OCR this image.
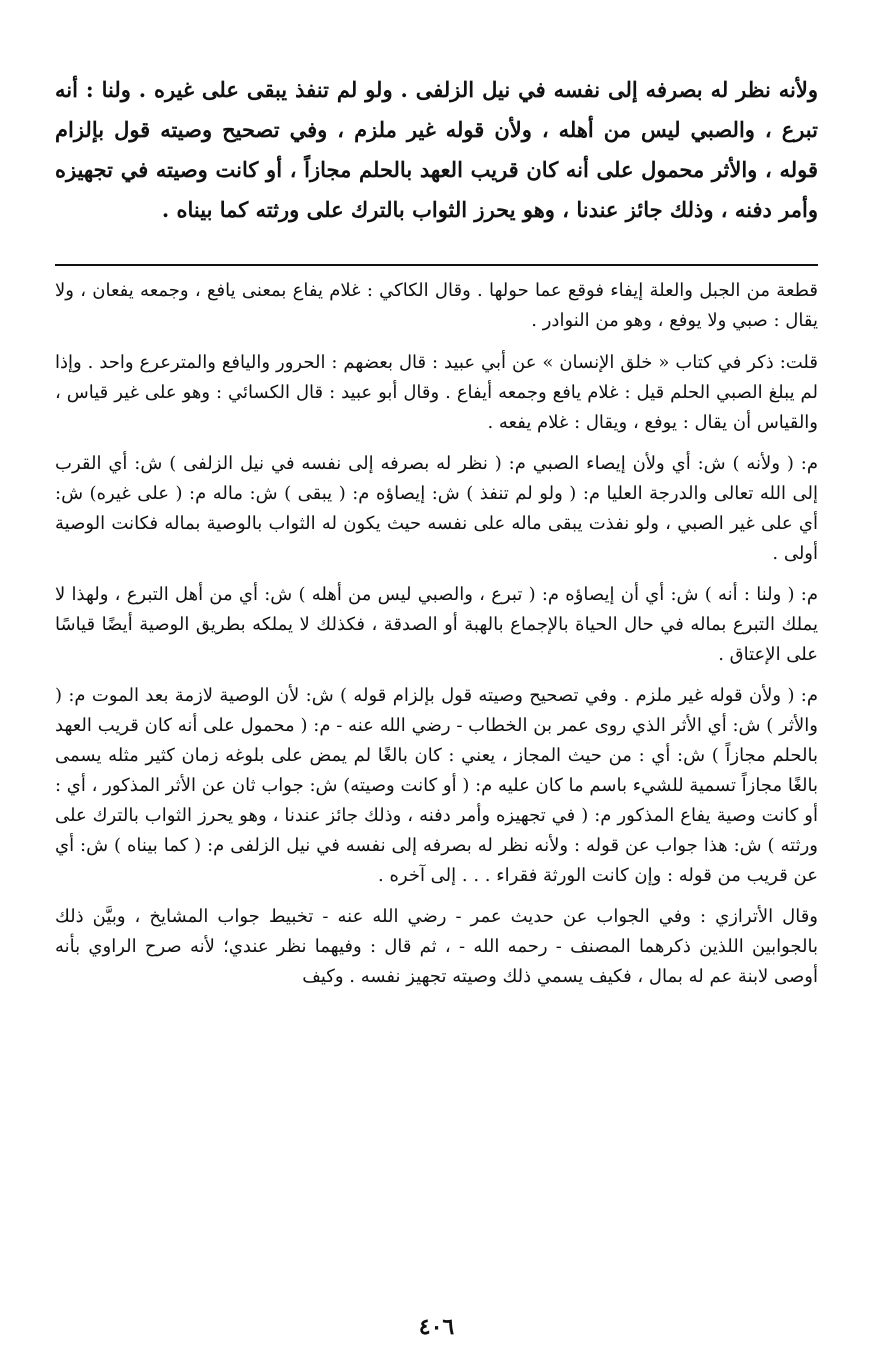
ولأنه نظر له بصرفه إلى نفسه في نيل الزلفى . ولو لم تنفذ يبقى على غيره . ولنا : أنه تبرع ، والصبي ليس من أهله ، ولأن قوله غير ملزم ، وفي تصحيح وصيته قول بإلزام قوله ، والأثر محمول على أنه كان قريب العهد بالحلم مجازاً ، أو كانت وصيته في تجهيزه وأمر دفنه ، وذلك جائز عندنا ، وهو يحرز الثواب بالترك على ورثته كما بيناه .

قطعة من الجبل والعلة إيفاء فوقع عما حولها . وقال الكاكي : غلام يفاع بمعنى يافع ، وجمعه يفعان ، ولا يقال : صبي ولا يوفع ، وهو من النوادر .

قلت: ذكر في كتاب « خلق الإنسان » عن أبي عبيد : قال بعضهم : الحرور واليافع والمترعرع واحد . وإذا لم يبلغ الصبي الحلم قيل : غلام يافع وجمعه أيفاع . وقال أبو عبيد : قال الكسائي : وهو على غير قياس ، والقياس أن يقال : يوفع ، ويقال : غلام يفعه .

م: ( ولأنه ) ش: أي ولأن إيصاء الصبي م: ( نظر له بصرفه إلى نفسه في نيل الزلفى ) ش: أي القرب إلى الله تعالى والدرجة العليا م: ( ولو لم تنفذ ) ش: إيصاؤه م: ( يبقى ) ش: ماله م: ( على غيره) ش: أي على غير الصبي ، ولو نفذت يبقى ماله على نفسه حيث يكون له الثواب بالوصية بماله فكانت الوصية أولى .

م: ( ولنا : أنه ) ش: أي أن إيصاؤه م: ( تبرع ، والصبي ليس من أهله ) ش: أي من أهل التبرع ، ولهذا لا يملك التبرع بماله في حال الحياة بالإجماع بالهبة أو الصدقة ، فكذلك لا يملكه بطريق الوصية أيضًا قياسًا على الإعتاق .

م: ( ولأن قوله غير ملزم . وفي تصحيح وصيته قول بإلزام قوله ) ش: لأن الوصية لازمة بعد الموت م: ( والأثر ) ش: أي الأثر الذي روى عمر بن الخطاب - رضي الله عنه - م: ( محمول على أنه كان قريب العهد بالحلم مجازاً ) ش: أي : من حيث المجاز ، يعني : كان بالغًا لم يمض على بلوغه زمان كثير مثله يسمى بالغًا مجازاً تسمية للشيء باسم ما كان عليه م: ( أو كانت وصيته) ش: جواب ثان عن الأثر المذكور ، أي : أو كانت وصية يفاع المذكور م: ( في تجهيزه وأمر دفنه ، وذلك جائز عندنا ، وهو يحرز الثواب بالترك على ورثته ) ش: هذا جواب عن قوله : ولأنه نظر له بصرفه إلى نفسه في نيل الزلفى م: ( كما بيناه ) ش: أي عن قريب من قوله : وإن كانت الورثة فقراء . . . إلى آخره .

وقال الأترازي : وفي الجواب عن حديث عمر - رضي الله عنه - تخبيط جواب المشايخ ، وبيَّن ذلك بالجوابين اللذين ذكرهما المصنف - رحمه الله - ، ثم قال : وفيهما نظر عندي؛ لأنه صرح الراوي بأنه أوصى لابنة عم له بمال ، فكيف يسمي ذلك وصيته تجهيز نفسه . وكيف

٤٠٦
